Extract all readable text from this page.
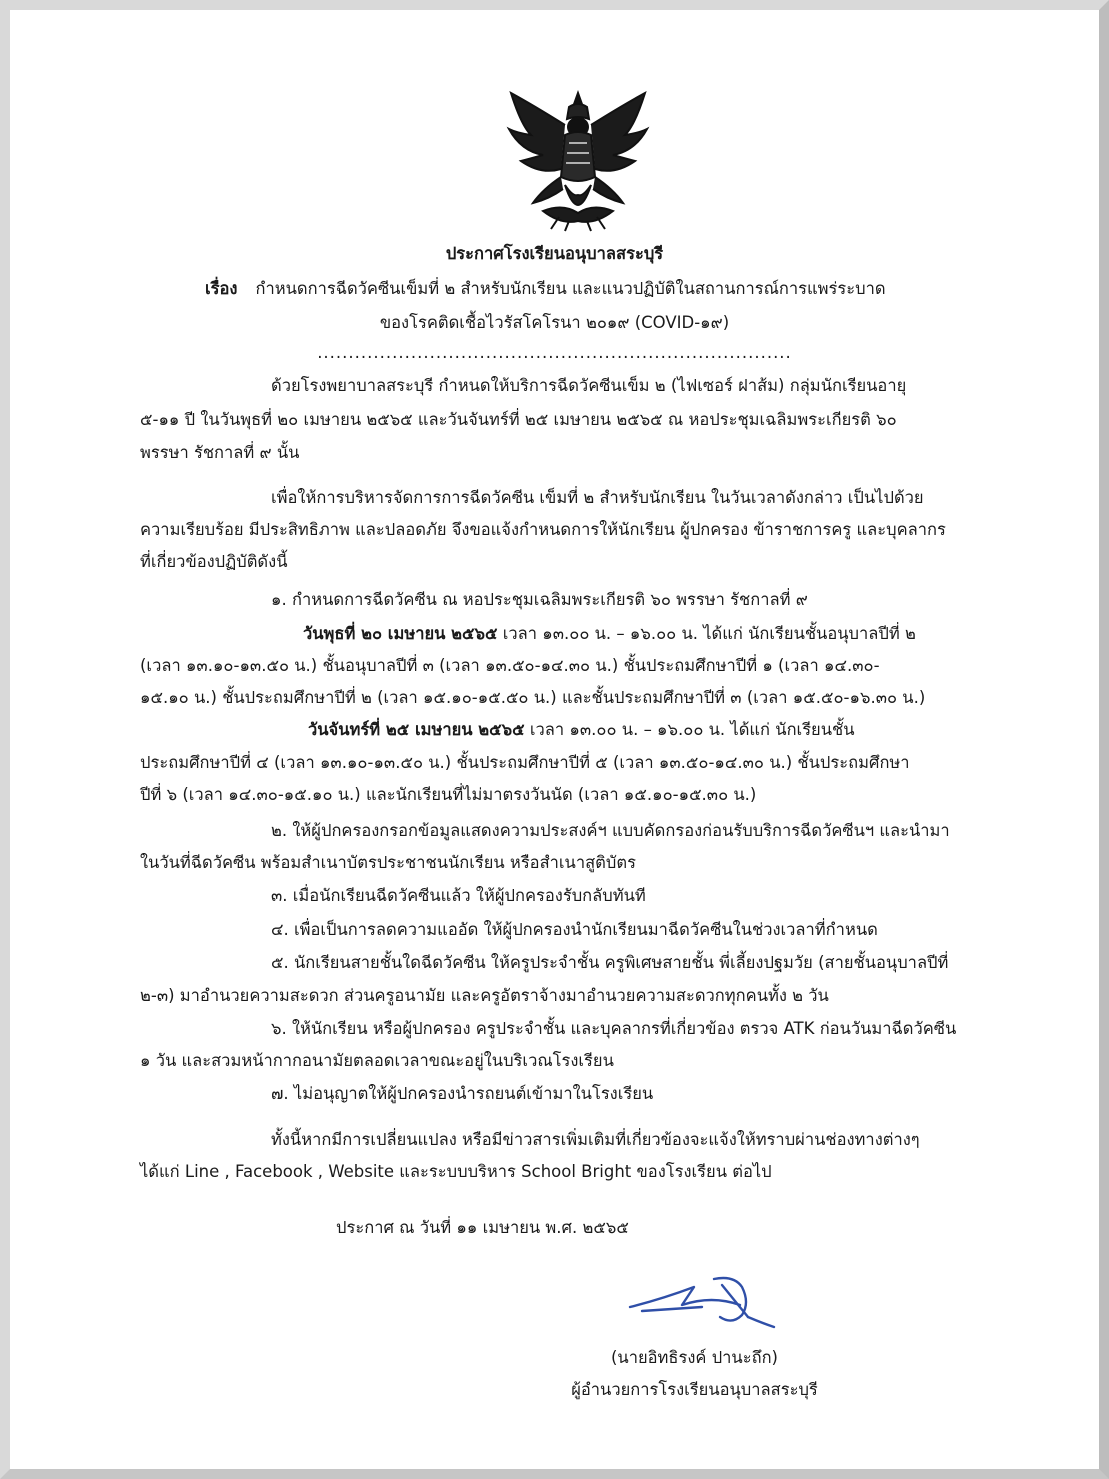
ประกาศโรงเรียนอนุบาลสระบุรี
เรื่อง กำหนดการฉีดวัคซีนเข็มที่ ๒ สำหรับนักเรียน และแนวปฏิบัติในสถานการณ์การแพร่ระบาด
ของโรคติดเชื้อไวรัสโคโรนา ๒๐๑๙ (COVID-๑๙)
............................................................................
ด้วยโรงพยาบาลสระบุรี กำหนดให้บริการฉีดวัคซีนเข็ม ๒ (ไฟเซอร์ ฝาส้ม) กลุ่มนักเรียนอายุ
๕-๑๑ ปี ในวันพุธที่ ๒๐ เมษายน ๒๕๖๕ และวันจันทร์ที่ ๒๕ เมษายน ๒๕๖๕ ณ หอประชุมเฉลิมพระเกียรติ ๖๐
พรรษา รัชกาลที่ ๙ นั้น
เพื่อให้การบริหารจัดการการฉีดวัคซีน เข็มที่ ๒ สำหรับนักเรียน ในวันเวลาดังกล่าว เป็นไปด้วย
ความเรียบร้อย มีประสิทธิภาพ และปลอดภัย จึงขอแจ้งกำหนดการให้นักเรียน ผู้ปกครอง ข้าราชการครู และบุคลากร
ที่เกี่ยวข้องปฏิบัติดังนี้
๑. กำหนดการฉีดวัคซีน ณ หอประชุมเฉลิมพระเกียรติ ๖๐ พรรษา รัชกาลที่ ๙
วันพุธที่ ๒๐ เมษายน ๒๕๖๕ เวลา ๑๓.๐๐ น. – ๑๖.๐๐ น. ได้แก่ นักเรียนชั้นอนุบาลปีที่ ๒
(เวลา ๑๓.๑๐-๑๓.๕๐ น.) ชั้นอนุบาลปีที่ ๓ (เวลา ๑๓.๕๐-๑๔.๓๐ น.) ชั้นประถมศึกษาปีที่ ๑ (เวลา ๑๔.๓๐-
๑๕.๑๐ น.) ชั้นประถมศึกษาปีที่ ๒ (เวลา ๑๕.๑๐-๑๕.๕๐ น.) และชั้นประถมศึกษาปีที่ ๓ (เวลา ๑๕.๕๐-๑๖.๓๐ น.)
วันจันทร์ที่ ๒๕ เมษายน ๒๕๖๕ เวลา ๑๓.๐๐ น. – ๑๖.๐๐ น. ได้แก่ นักเรียนชั้น
ประถมศึกษาปีที่ ๔ (เวลา ๑๓.๑๐-๑๓.๕๐ น.) ชั้นประถมศึกษาปีที่ ๕ (เวลา ๑๓.๕๐-๑๔.๓๐ น.) ชั้นประถมศึกษา
ปีที่ ๖ (เวลา ๑๔.๓๐-๑๕.๑๐ น.) และนักเรียนที่ไม่มาตรงวันนัด (เวลา ๑๕.๑๐-๑๕.๓๐ น.)
๒. ให้ผู้ปกครองกรอกข้อมูลแสดงความประสงค์ฯ แบบคัดกรองก่อนรับบริการฉีดวัคซีนฯ และนำมา
ในวันที่ฉีดวัคซีน พร้อมสำเนาบัตรประชาชนนักเรียน หรือสำเนาสูติบัตร
๓. เมื่อนักเรียนฉีดวัคซีนแล้ว ให้ผู้ปกครองรับกลับทันที
๔. เพื่อเป็นการลดความแออัด ให้ผู้ปกครองนำนักเรียนมาฉีดวัคซีนในช่วงเวลาที่กำหนด
๕. นักเรียนสายชั้นใดฉีดวัคซีน ให้ครูประจำชั้น ครูพิเศษสายชั้น พี่เลี้ยงปฐมวัย (สายชั้นอนุบาลปีที่
๒-๓) มาอำนวยความสะดวก ส่วนครูอนามัย และครูอัตราจ้างมาอำนวยความสะดวกทุกคนทั้ง ๒ วัน
๖. ให้นักเรียน หรือผู้ปกครอง ครูประจำชั้น และบุคลากรที่เกี่ยวข้อง ตรวจ ATK ก่อนวันมาฉีดวัคซีน
๑ วัน และสวมหน้ากากอนามัยตลอดเวลาขณะอยู่ในบริเวณโรงเรียน
๗. ไม่อนุญาตให้ผู้ปกครองนำรถยนต์เข้ามาในโรงเรียน
ทั้งนี้หากมีการเปลี่ยนแปลง หรือมีข่าวสารเพิ่มเติมที่เกี่ยวข้องจะแจ้งให้ทราบผ่านช่องทางต่างๆ
ได้แก่ Line , Facebook , Website และระบบบริหาร School Bright ของโรงเรียน ต่อไป
ประกาศ ณ วันที่ ๑๑ เมษายน พ.ศ. ๒๕๖๕
(นายอิทธิรงค์ ปานะถึก)
ผู้อำนวยการโรงเรียนอนุบาลสระบุรี
